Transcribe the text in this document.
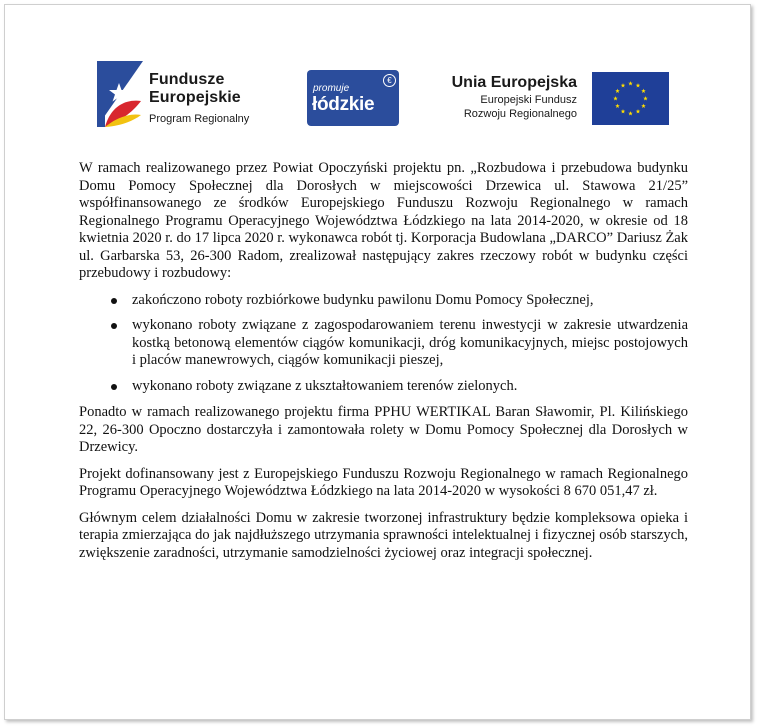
Fundusze
Europejskie
Program Regionalny
promuje
łódzkie
€	Unia Europejska
Europejski Fundusz
Rozwoju Regionalnego

W ramach realizowanego przez Powiat Opoczyński projektu pn. „Rozbudowa i przebudowa budynku Domu Pomocy Społecznej dla Dorosłych w miejscowości Drzewica ul. Stawowa 21/25” współfinansowanego ze środków Europejskiego Funduszu Rozwoju Regionalnego w ramach Regionalnego Programu Operacyjnego Województwa Łódzkiego na lata 2014-2020, w okresie od 18 kwietnia 2020 r. do 17 lipca 2020 r. wykonawca robót tj. Korporacja Budowlana „DARCO” Dariusz Żak ul. Garbarska 53, 26-300 Radom, zrealizował następujący zakres rzeczowy robót w budynku części przebudowy i rozbudowy:

zakończono roboty rozbiórkowe budynku pawilonu Domu Pomocy Społecznej,
wykonano roboty związane z zagospodarowaniem terenu inwestycji w zakresie utwardzenia kostką betonową elementów ciągów komunikacji, dróg komunikacyjnych, miejsc postojowych i placów manewrowych, ciągów komunikacji pieszej,
wykonano roboty związane z ukształtowaniem terenów zielonych.

Ponadto w ramach realizowanego projektu firma PPHU WERTIKAL Baran Sławomir, Pl. Kilińskiego 22, 26-300 Opoczno dostarczyła i zamontowała rolety w Domu Pomocy Społecznej dla Dorosłych w Drzewicy.

Projekt dofinansowany jest z Europejskiego Funduszu Rozwoju Regionalnego w ramach Regionalnego Programu Operacyjnego Województwa Łódzkiego na lata 2014-2020 w wysokości 8 670 051,47 zł.

Głównym celem działalności Domu w zakresie tworzonej infrastruktury będzie kompleksowa opieka i terapia zmierzająca do jak najdłuższego utrzymania sprawności intelektualnej i fizycznej osób starszych, zwiększenie zaradności, utrzymanie samodzielności życiowej oraz integracji społecznej.
